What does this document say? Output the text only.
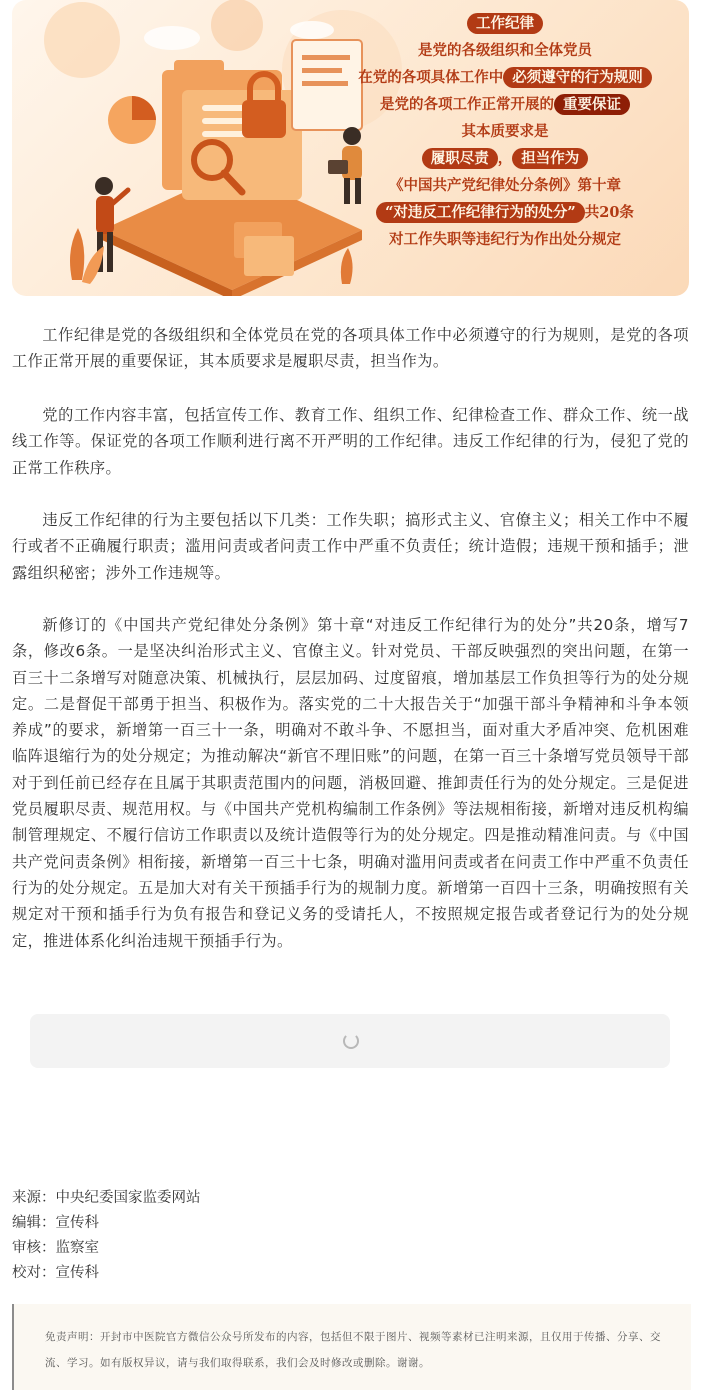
工作纪律
是党的各级组织和全体党员
在党的各项具体工作中 必须遵守的行为规则
是党的各项工作正常开展的 重要保证
其本质要求是
履职尽责 ， 担当作为
《中国共产党纪律处分条例》第十章
“对违反工作纪律行为的处分” 共20条
对工作失职等违纪行为作出处分规定

工作纪律是党的各级组织和全体党员在党的各项具体工作中必须遵守的行为规则，是党的各项工作正常开展的重要保证，其本质要求是履职尽责，担当作为。

党的工作内容丰富，包括宣传工作、教育工作、组织工作、纪律检查工作、群众工作、统一战线工作等。保证党的各项工作顺利进行离不开严明的工作纪律。违反工作纪律的行为，侵犯了党的正常工作秩序。

违反工作纪律的行为主要包括以下几类：工作失职；搞形式主义、官僚主义；相关工作中不履行或者不正确履行职责；滥用问责或者问责工作中严重不负责任；统计造假；违规干预和插手；泄露组织秘密；涉外工作违规等。

新修订的《中国共产党纪律处分条例》第十章“对违反工作纪律行为的处分”共20条，增写7条，修改6条。一是坚决纠治形式主义、官僚主义。针对党员、干部反映强烈的突出问题，在第一百三十二条增写对随意决策、机械执行，层层加码、过度留痕，增加基层工作负担等行为的处分规定。二是督促干部勇于担当、积极作为。落实党的二十大报告关于“加强干部斗争精神和斗争本领养成”的要求，新增第一百三十一条，明确对不敢斗争、不愿担当，面对重大矛盾冲突、危机困难临阵退缩行为的处分规定；为推动解决“新官不理旧账”的问题，在第一百三十条增写党员领导干部对于到任前已经存在且属于其职责范围内的问题，消极回避、推卸责任行为的处分规定。三是促进党员履职尽责、规范用权。与《中国共产党机构编制工作条例》等法规相衔接，新增对违反机构编制管理规定、不履行信访工作职责以及统计造假等行为的处分规定。四是推动精准问责。与《中国共产党问责条例》相衔接，新增第一百三十七条，明确对滥用问责或者在问责工作中严重不负责任行为的处分规定。五是加大对有关干预插手行为的规制力度。新增第一百四十三条，明确按照有关规定对干预和插手行为负有报告和登记义务的受请托人，不按照规定报告或者登记行为的处分规定，推进体系化纠治违规干预插手行为。

来源：中央纪委国家监委网站
编辑：宣传科
审核：监察室
校对：宣传科

免责声明：开封市中医院官方微信公众号所发布的内容，包括但不限于图片、视频等素材已注明来源，且仅用于传播、分享、交流、学习。如有版权异议，请与我们取得联系，我们会及时修改或删除。谢谢。
